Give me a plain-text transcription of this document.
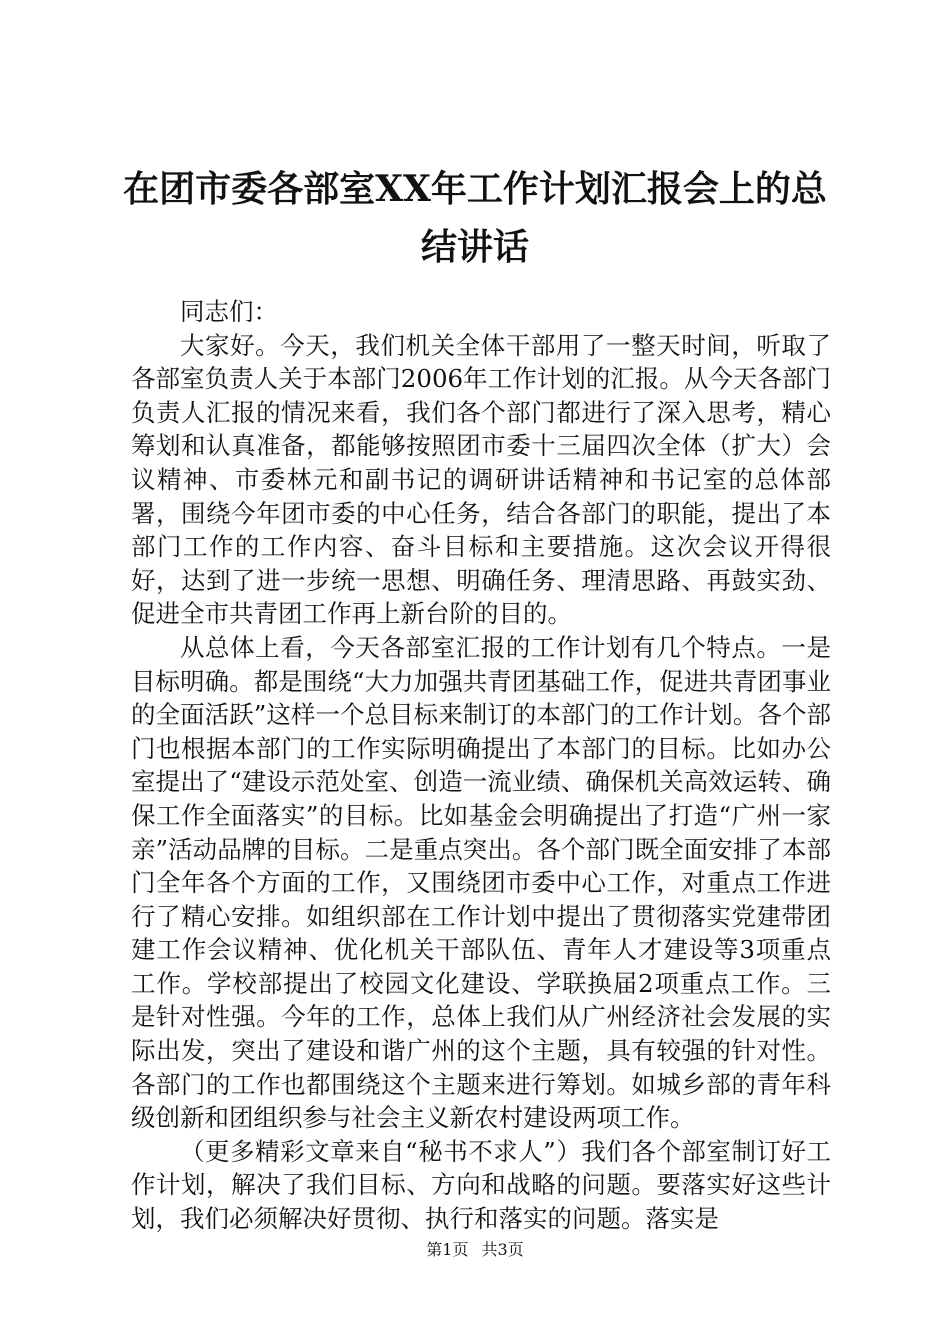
在团市委各部室XX年工作计划汇报会上的总结讲话

同志们：

大家好。今天，我们机关全体干部用了一整天时间，听取了各部室负责人关于本部门2006年工作计划的汇报。从今天各部门负责人汇报的情况来看，我们各个部门都进行了深入思考，精心筹划和认真准备，都能够按照团市委十三届四次全体（扩大）会议精神、市委林元和副书记的调研讲话精神和书记室的总体部署，围绕今年团市委的中心任务，结合各部门的职能，提出了本部门工作的工作内容、奋斗目标和主要措施。这次会议开得很好，达到了进一步统一思想、明确任务、理清思路、再鼓实劲、促进全市共青团工作再上新台阶的目的。

从总体上看，今天各部室汇报的工作计划有几个特点。一是目标明确。都是围绕“大力加强共青团基础工作，促进共青团事业的全面活跃”这样一个总目标来制订的本部门的工作计划。各个部门也根据本部门的工作实际明确提出了本部门的目标。比如办公室提出了“建设示范处室、创造一流业绩、确保机关高效运转、确保工作全面落实”的目标。比如基金会明确提出了打造“广州一家亲”活动品牌的目标。二是重点突出。各个部门既全面安排了本部门全年各个方面的工作，又围绕团市委中心工作，对重点工作进行了精心安排。如组织部在工作计划中提出了贯彻落实党建带团建工作会议精神、优化机关干部队伍、青年人才建设等3项重点工作。学校部提出了校园文化建设、学联换届2项重点工作。三是针对性强。今年的工作，总体上我们从广州经济社会发展的实际出发，突出了建设和谐广州的这个主题，具有较强的针对性。各部门的工作也都围绕这个主题来进行筹划。如城乡部的青年科级创新和团组织参与社会主义新农村建设两项工作。

（更多精彩文章来自“秘书不求人”）我们各个部室制订好工作计划，解决了我们目标、方向和战略的问题。要落实好这些计划，我们必须解决好贯彻、执行和落实的问题。落实是

第1页 共3页
